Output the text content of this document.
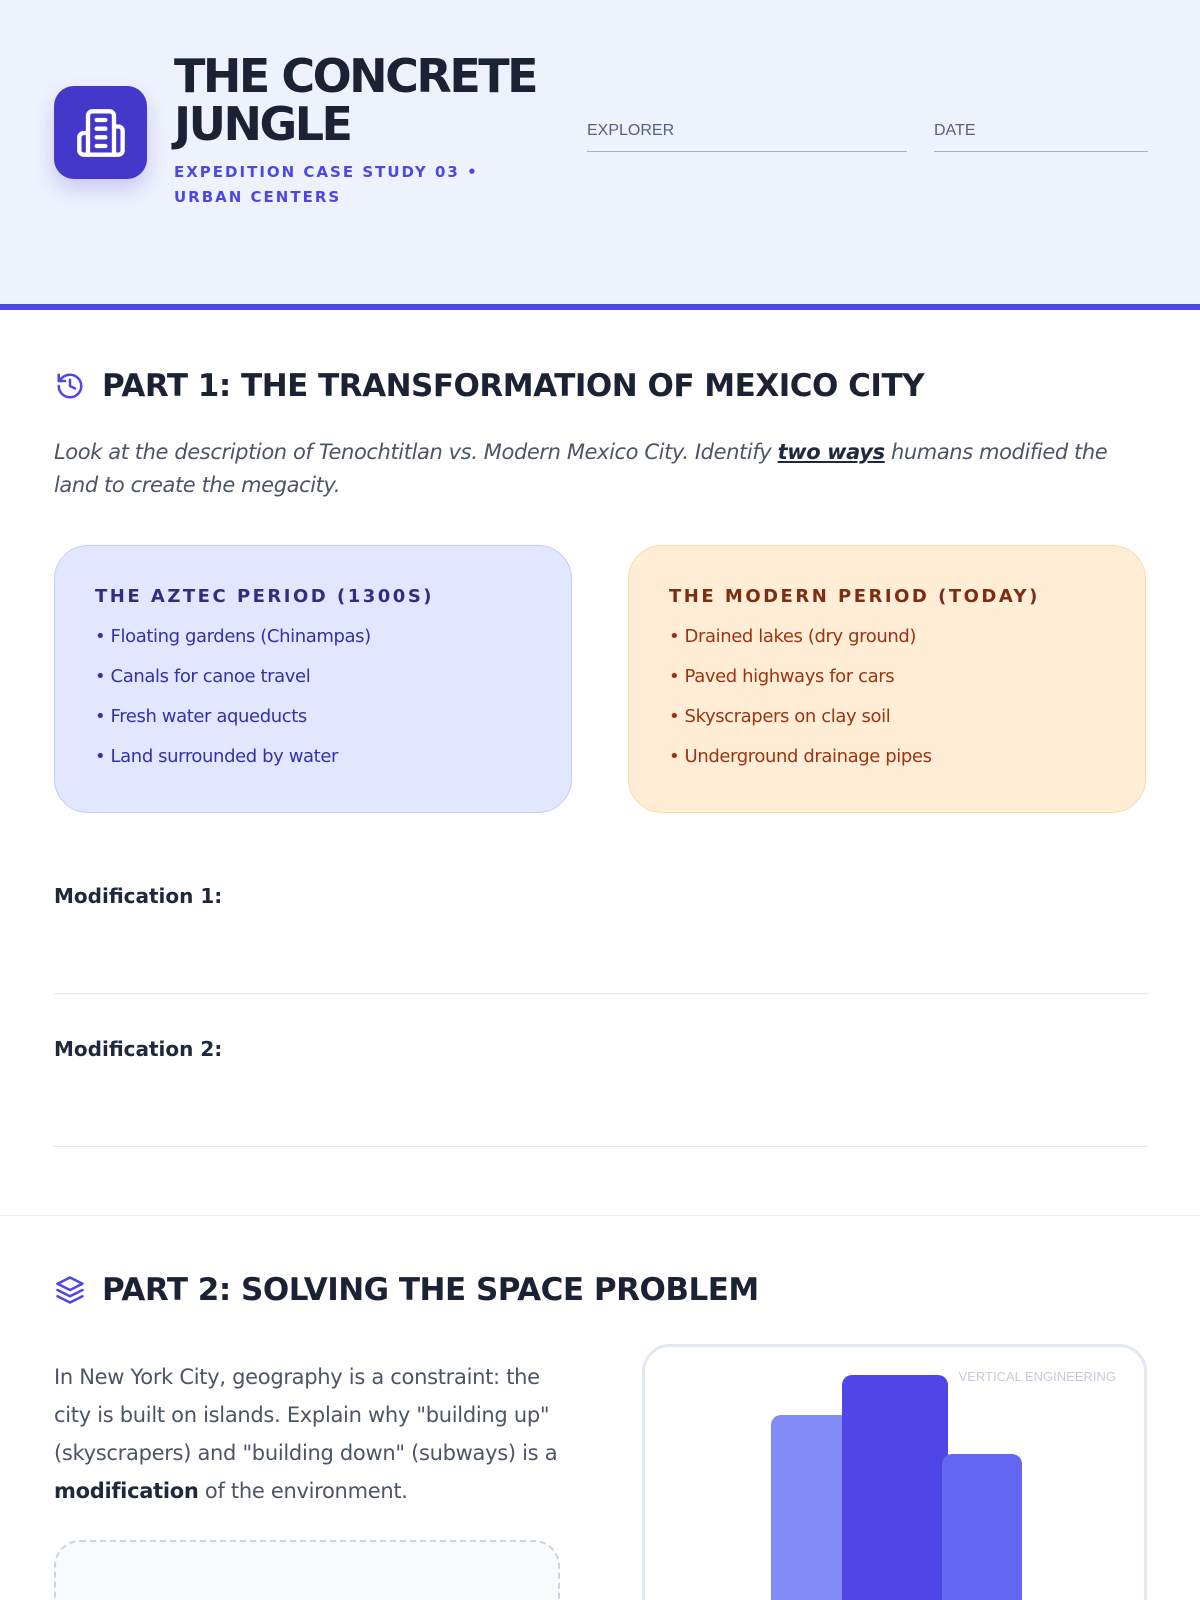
THE CONCRETE JUNGLE
EXPEDITION CASE STUDY 03 • URBAN CENTERS
EXPLORER	DATE
PART 1: THE TRANSFORMATION OF MEXICO CITY

Look at the description of Tenochtitlan vs. Modern Mexico City. Identify two ways humans modified the land to create the megacity.

THE AZTEC PERIOD (1300S)
• Floating gardens (Chinampas)
• Canals for canoe travel
• Fresh water aqueducts
• Land surrounded by water
THE MODERN PERIOD (TODAY)
• Drained lakes (dry ground)
• Paved highways for cars
• Skyscrapers on clay soil
• Underground drainage pipes
Modification 1:
Modification 2:
PART 2: SOLVING THE SPACE PROBLEM

In New York City, geography is a constraint: the city is built on islands. Explain why "building up" (skyscrapers) and "building down" (subways) is a modification of the environment.

VERTICAL ENGINEERING
